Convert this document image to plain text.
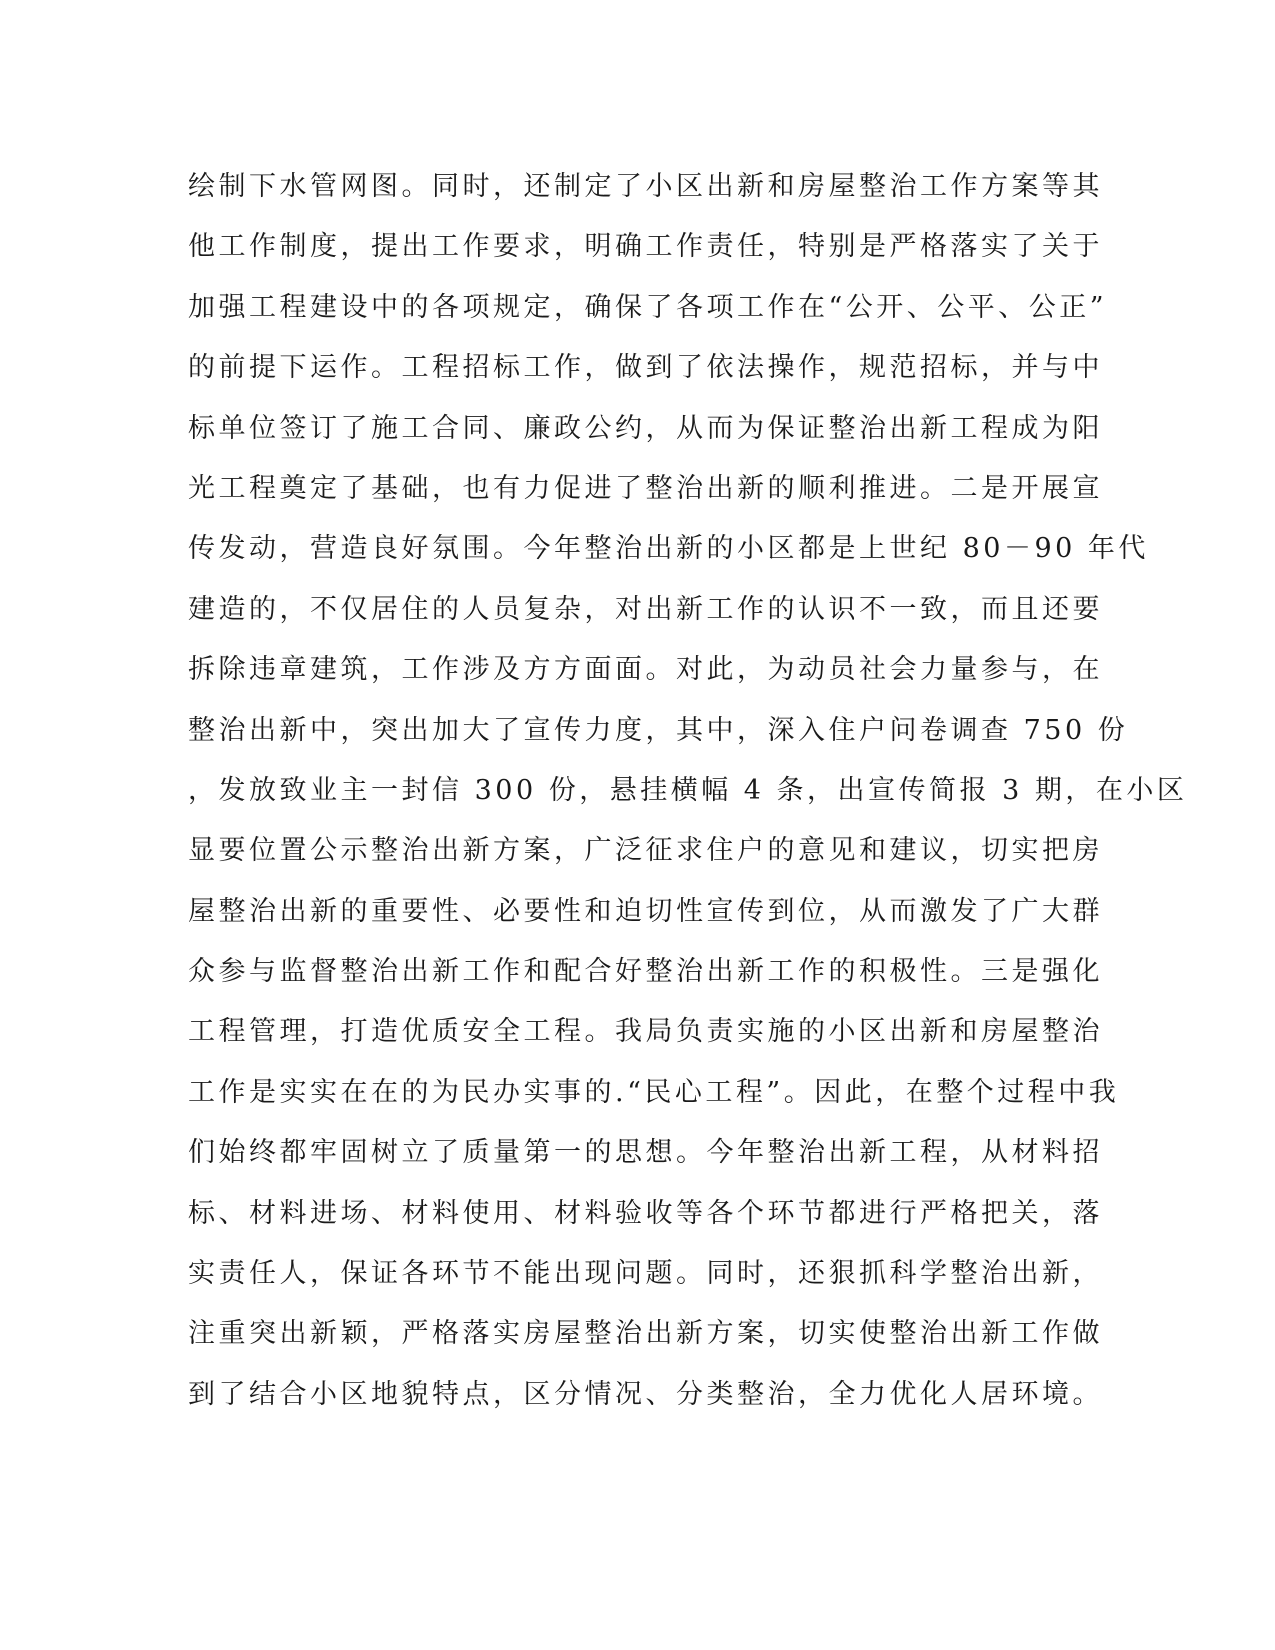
绘制下水管网图。同时，还制定了小区出新和房屋整治工作方案等其
他工作制度，提出工作要求，明确工作责任，特别是严格落实了关于
加强工程建设中的各项规定，确保了各项工作在“公开、公平、公正”
的前提下运作。工程招标工作，做到了依法操作，规范招标，并与中
标单位签订了施工合同、廉政公约，从而为保证整治出新工程成为阳
光工程奠定了基础，也有力促进了整治出新的顺利推进。二是开展宣
传发动，营造良好氛围。今年整治出新的小区都是上世纪 80－90 年代
建造的，不仅居住的人员复杂，对出新工作的认识不一致，而且还要
拆除违章建筑，工作涉及方方面面。对此，为动员社会力量参与，在
整治出新中，突出加大了宣传力度，其中，深入住户问卷调查 750 份
，发放致业主一封信 300 份，悬挂横幅 4 条，出宣传简报 3 期，在小区
显要位置公示整治出新方案，广泛征求住户的意见和建议，切实把房
屋整治出新的重要性、必要性和迫切性宣传到位，从而激发了广大群
众参与监督整治出新工作和配合好整治出新工作的积极性。三是强化
工程管理，打造优质安全工程。我局负责实施的小区出新和房屋整治
工作是实实在在的为民办实事的.“民心工程”。因此，在整个过程中我
们始终都牢固树立了质量第一的思想。今年整治出新工程，从材料招
标、材料进场、材料使用、材料验收等各个环节都进行严格把关，落
实责任人，保证各环节不能出现问题。同时，还狠抓科学整治出新，
注重突出新颖，严格落实房屋整治出新方案，切实使整治出新工作做
到了结合小区地貌特点，区分情况、分类整治，全力优化人居环境。
